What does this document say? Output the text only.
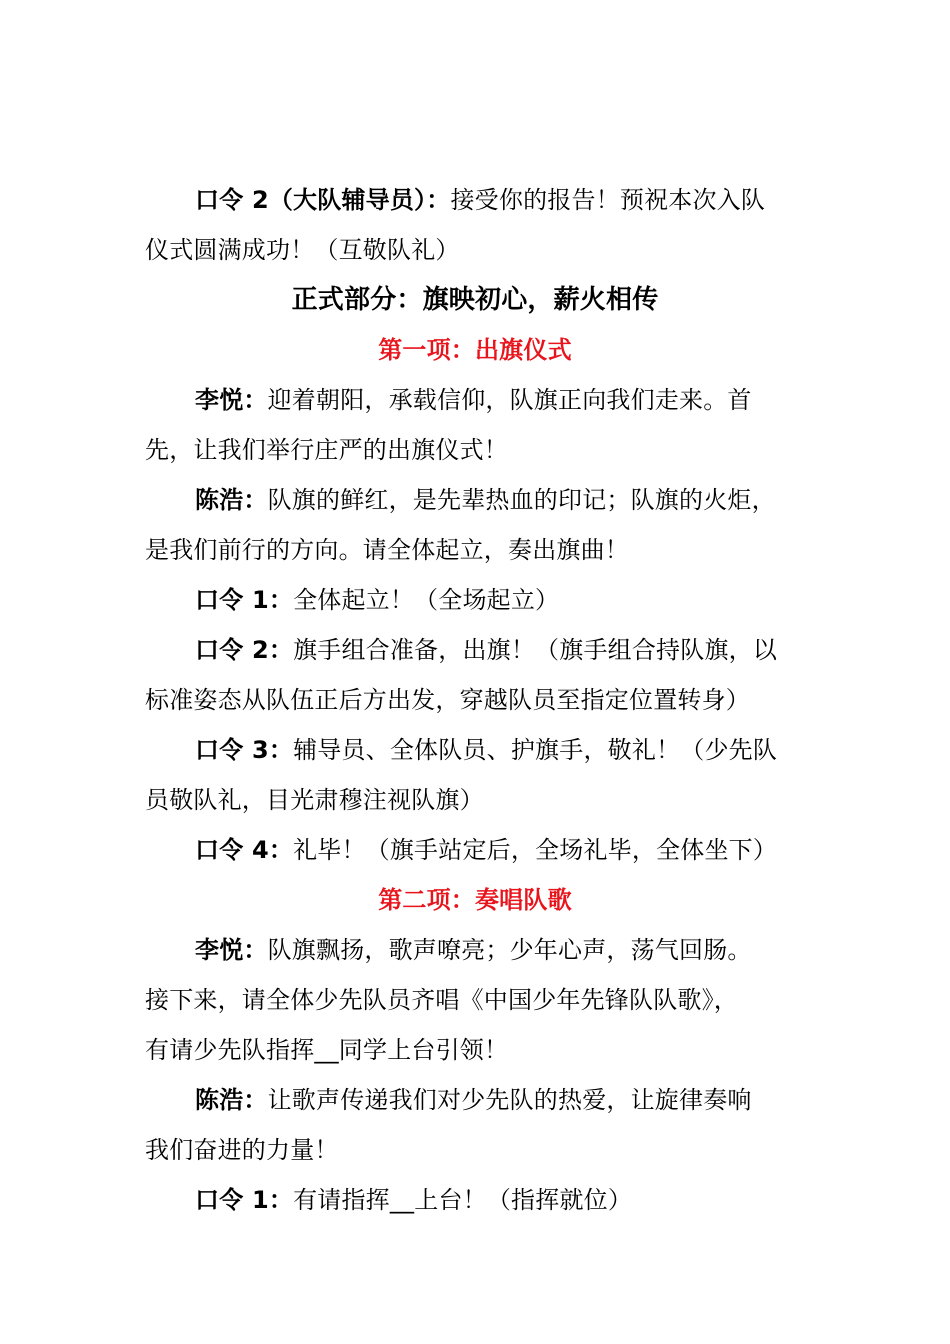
口令 2（大队辅导员）：接受你的报告！预祝本次入队
仪式圆满成功！（互敬队礼）
正式部分：旗映初心，薪火相传
第一项：出旗仪式
李悦：迎着朝阳，承载信仰，队旗正向我们走来。首
先，让我们举行庄严的出旗仪式！
陈浩：队旗的鲜红，是先辈热血的印记；队旗的火炬，
是我们前行的方向。请全体起立，奏出旗曲！
口令 1：全体起立！（全场起立）
口令 2：旗手组合准备，出旗！（旗手组合持队旗，以
标准姿态从队伍正后方出发，穿越队员至指定位置转身）
口令 3：辅导员、全体队员、护旗手，敬礼！（少先队
员敬队礼，目光肃穆注视队旗）
口令 4：礼毕！（旗手站定后，全场礼毕，全体坐下）
第二项：奏唱队歌
李悦：队旗飘扬，歌声嘹亮；少年心声，荡气回肠。
接下来，请全体少先队员齐唱《中国少年先锋队队歌》，
有请少先队指挥__同学上台引领！
陈浩：让歌声传递我们对少先队的热爱，让旋律奏响
我们奋进的力量！
口令 1：有请指挥__上台！（指挥就位）
